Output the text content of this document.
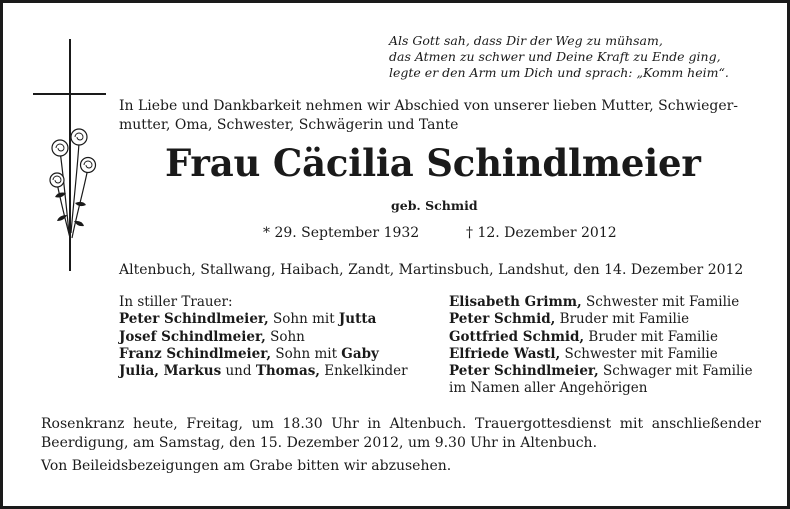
Als Gott sah, dass Dir der Weg zu mühsam,
das Atmen zu schwer und Deine Kraft zu Ende ging,
legte er den Arm um Dich und sprach: „Komm heim“.
In Liebe und Dankbarkeit nehmen wir Abschied von unserer lieben Mutter, Schwieger-
mutter, Oma, Schwester, Schwägerin und Tante
Frau Cäcilia Schindlmeier
geb. Schmid
* 29. September 1932	† 12. Dezember 2012
Altenbuch, Stallwang, Haibach, Zandt, Martinsbuch, Landshut, den 14. Dezember 2012
In stiller Trauer:
Peter Schindlmeier, Sohn mit Jutta
Josef Schindlmeier, Sohn
Franz Schindlmeier, Sohn mit Gaby
Julia, Markus und Thomas, Enkelkinder
Elisabeth Grimm, Schwester mit Familie
Peter Schmid, Bruder mit Familie
Gottfried Schmid, Bruder mit Familie
Elfriede Wastl, Schwester mit Familie
Peter Schindlmeier, Schwager mit Familie
im Namen aller Angehörigen
Rosenkranz heute, Freitag, um 18.30 Uhr in Altenbuch. Trauergottesdienst mit anschließender
Beerdigung, am Samstag, den 15. Dezember 2012, um 9.30 Uhr in Altenbuch.
Von Beileidsbezeigungen am Grabe bitten wir abzusehen.
